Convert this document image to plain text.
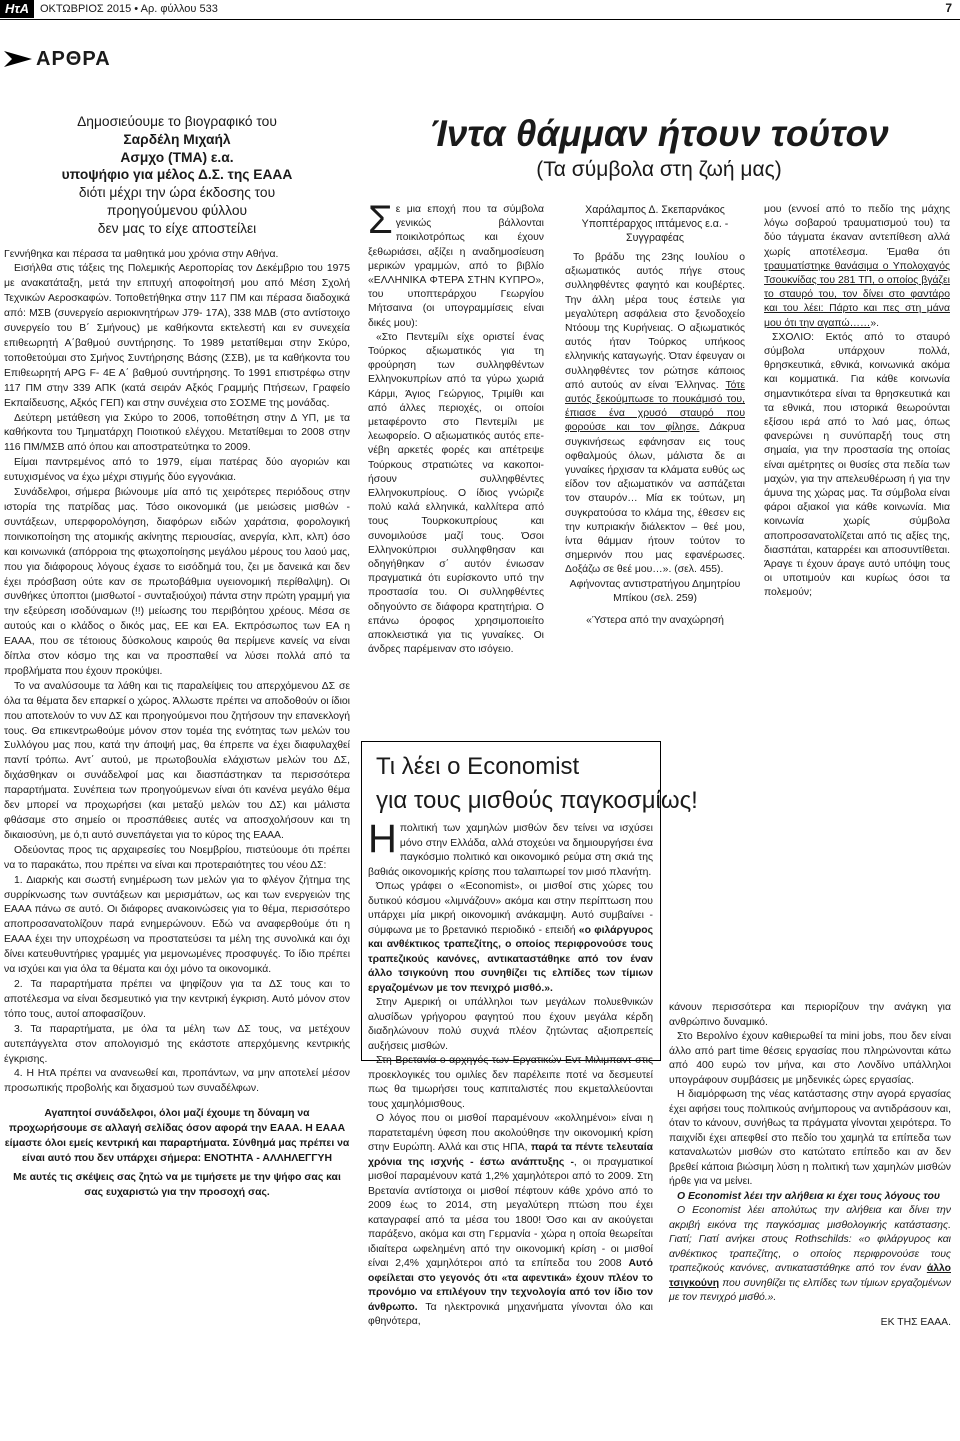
ΗτΑ ΟΚΤΩΒΡΙΟΣ 2015 • Αρ. φύλλου 533	7
ΑΡΘΡΑ
Δημοσιεύουμε το βιογραφικό του
Σαρδέλη Μιχαήλ
Ασμχο (ΤΜΑ) ε.α.
υποψήφιο για μέλος Δ.Σ. της ΕΑΑΑ
διότι μέχρι την ώρα έκδοσης του
προηγούμενου φύλλου
δεν μας το είχε αποστείλει

Γεννήθηκα και πέρασα τα μαθητικά μου χρόνια στην Αθήνα.

Εισήλθα στις τάξεις της Πολεμικής Αεροπορίας τον Δεκέμβριο του 1975 με ανακατάταξη, μετά την επιτυχή αποφοίτησή μου από Μέση Σχολή Τεχνικών Αεροσκαφών. Τοποθετήθηκα στην 117 ΠΜ και πέρασα διαδοχικά από: ΜΣΒ (συνεργείο αεριοκινητήρων J79- 17A), 338 ΜΔΒ (στο αντίστοιχο συνεργείο του Β΄ Σμήνους) με καθήκοντα εκτελεστή και εν συνεχεία επιθεωρητή Α΄βαθμού συντήρησης. Το 1989 μετατίθεμαι στην Σκύρο, τοποθετούμαι στο Σμήνος Συντήρησης Βάσης (ΣΣΒ), με τα καθήκοντα του Επιθεωρητή APG F- 4E A΄ βαθμού συντήρησης. Το 1991 επιστρέφω στην 117 ΠΜ στην 339 ΑΠΚ (κατά σειράν Αξκός Γραμμής Πτήσεων, Γραφείο Εκπαίδευσης, Αξκός ΓΕΠ) και στην συνέχεια στο ΣΟΣΜΕ της μονάδας.

Δεύτερη μετάθεση για Σκύρο το 2006, τοποθέτηση στην Δ ΥΠ, με τα καθήκοντα του Τμηματάρχη Ποιοτικού ελέγχου. Μετατίθεμαι το 2008 στην 116 ΠΜ/ΜΣΒ από όπου και αποστρατεύτηκα το 2009.

Είμαι παντρεμένος από το 1979, είμαι πατέρας δύο αγοριών και ευτυχισμένος να έχω μέχρι στιγμής δύο εγγονάκια.

Συνάδελφοι, σήμερα βιώνουμε μία από τις χειρότερες περιόδους στην ιστορία της πατρίδας μας. Τόσο οικονομικά (με μειώσεις μισθών - συντάξεων, υπερφορολόγηση, διαφόρων ειδών χαράτσια, φορολογική ποινικοποίηση της ατομικής ακίνητης περιουσίας, ανεργία, κλπ, κλπ) όσο και κοινωνικά (απόρροια της φτωχοποίησης μεγάλου μέρους του λαού μας, που για διάφορους λόγους έχασε το εισόδημά του, ζει με δανεικά και δεν έχει πρόσβαση ούτε καν σε πρωτοβάθμια υγειονομική περίθαλψη). Οι συνθήκες ύποπτοι (μισθωτοί - συνταξιούχοι) πάντα στην πρώτη γραμμή για την εξεύρεση ισοδύναμων (!!) μείωσης του περιβόητου χρέους. Μέσα σε αυτούς και ο κλάδος ο δικός μας, ΕΕ και ΕΑ. Εκπρόσωπος των ΕΑ η ΕΑΑΑ, που σε τέτοιους δύσκολους καιρούς θα περίμενε κανείς να είναι δίπλα στον κόσμο της και να προσπαθεί να λύσει πολλά από τα προβλήματα που έχουν προκύψει.

Το να αναλύσουμε τα λάθη και τις παραλείψεις του απερχόμενου ΔΣ σε όλα τα θέματα δεν επαρκεί ο χώρος. Άλλωστε πρέπει να αποδοθούν οι ίδιοι που αποτελούν το νυν ΔΣ και προηγούμενοι που ζητήσουν την επανεκλογή τους. Θα επικεντρωθούμε μόνον στον τομέα της ενότητας των μελών του Συλλόγου μας που, κατά την άποψή μας, θα έπρεπε να έχει διαφυλαχθεί παντί τρόπω. Αντ΄ αυτού, με πρωτοβουλία ελάχιστων μελών του ΔΣ, διχάσθηκαν οι συνάδελφοί μας και διασπάστηκαν τα περισσότερα παραρτήματα. Συνέπεια των προηγούμενων είναι ότι κανένα μεγάλο θέμα δεν μπορεί να προχωρήσει (και μεταξύ μελών του ΔΣ) και μάλιστα φθάσαμε στο σημείο οι προσπάθειες αυτές να αποσχολήσουν και τη δικαιοσύνη, με ό,τι αυτό συνεπάγεται για το κύρος της ΕΑΑΑ.

Οδεύοντας προς τις αρχαιρεσίες του Νοεμβρίου, πιστεύουμε ότι πρέπει να το παρακάτω, που πρέπει να είναι και προτεραιότητες του νέου ΔΣ:

1. Διαρκής και σωστή ενημέρωση των μελών για το φλέγον ζήτημα της συρρίκνωσης των συντάξεων και μερισμάτων, ως και των ενεργειών της ΕΑΑΑ πάνω σε αυτό. Οι διάφορες ανακοινώσεις για το θέμα, περισσότερο αποπροσανατολίζουν παρά ενημερώνουν. Εδώ να αναφερθούμε ότι η ΕΑΑΑ έχει την υποχρέωση να προστατεύσει τα μέλη της συνολικά και όχι δίνει κατευθυντήριες γραμμές για μεμονωμένες προσφυγές. Το ίδιο πρέπει να ισχύει και για όλα τα θέματα και όχι μόνο τα οικονομικά.

2. Τα παραρτήματα πρέπει να ψηφίζουν για τα ΔΣ τους και το αποτέλεσμα να είναι δεσμευτικό για την κεντρική έγκριση. Αυτό μόνον στον τόπο τους, αυτοί αποφασίζουν.

3. Τα παραρτήματα, με όλα τα μέλη των ΔΣ τους, να μετέχουν αυτεπάγγελτα στον απολογισμό της εκάστοτε απερχόμενης κεντρικής έγκρισης.

4. Η ΗτΑ πρέπει να ανανεωθεί και, προπάντων, να μην αποτελεί μέσον προσωπικής προβολής και διχασμού των συναδέλφων.

Αγαπητοί συνάδελφοι, όλοι μαζί έχουμε τη δύναμη να προχωρήσουμε σε αλλαγή σελίδας όσον αφορά την ΕΑΑΑ. Η ΕΑΑΑ είμαστε όλοι εμείς κεντρική και παραρτήματα. Σύνθημά μας πρέπει να είναι αυτό που δεν υπάρχει σήμερα: ΕΝΟΤΗΤΑ - ΑΛΛΗΛΕΓΓΥΗ

Με αυτές τις σκέψεις σας ζητώ να με τιμήσετε με την ψήφο σας και σας ευχαριστώ για την προσοχή σας.

Ίντα θάμμαν ήτουν τούτον
(Τα σύμβολα στη ζωή μας)

Σε μια εποχή που τα σύμβολα γενικώς βάλλονται ποικιλοτρόπως και έχουν ξεθωριάσει, αξίζει η αναδημοσίευση μερικών γραμμών, από το βιβλίο «ΕΛΛΗΝΙΚΑ ΦΤΕΡΑ ΣΤΗΝ ΚΥΠΡΟ», του υποπτεράρχου Γεωργίου Μήτσαινα (οι υπογραμμίσεις είναι δικές μου):

«Στο Πεντεμίλι είχε οριστεί ένας Τούρκος αξιωματικός για τη φρούρηση των συλληφθέντων Ελληνοκυπρίων από τα γύρω χωριά Κάρμι, Άγιος Γεώργιος, Τριμίθι και από άλλες περιοχές, οι οποίοι μεταφέροντο στο Πεντεμίλι με λεωφορείο. Ο αξιωματικός αυτός επε-νέβη αρκετές φορές και απέτρεψε Τούρκους στρατιώτες να κακοποι-ήσουν συλληφθέντες Ελληνοκυπρίους. Ο ίδιος γνώριζε πολύ καλά ελληνικά, καλλίτερα από τους Τουρκοκυπρίους και συνομιλούσε μαζί τους. Όσοι Ελληνοκύπριοι συλληφθησαν και οδηγήθηκαν σ΄ αυτόν ένιωσαν πραγματικά ότι ευρίσκοντο υπό την προστασία του. Οι συλληφθέντες οδηγούντο σε διάφορα κρατητήρια. Ο επάνω όροφος χρησιμοποιείτο αποκλειστικά για τις γυναίκες. Οι άνδρες παρέμειναν στο ισόγειο.

Χαράλαμπος Δ. Σκεπαρνάκος
Υποπτέραρχος ιπτάμενος ε.α. - Συγγραφέας

Το βράδυ της 23ης Ιουλίου ο αξιωματικός αυτός πήγε στους συλληφθέντες φαγητό και κουβέρτες. Την άλλη μέρα τους έστειλε για μεγαλύτερη ασφάλεια στο ξενοδοχείο Ντόουμ της Κυρήνειας. Ο αξιωματικός αυτός ήταν Τούρκος υπήκοος ελληνικής καταγωγής. Όταν έφευγαν οι συλληφθέντες τον ρώτησε κάποιος από αυτούς αν είναι Έλληνας. Τότε αυτός ξεκούμπωσε το πουκάμισό του, έπιασε ένα χρυσό σταυρό που φορούσε και τον φίλησε. Δάκρυα συγκινήσεως εφάνησαν εις τους οφθαλμούς όλων, μάλιστα δε αι γυναίκες ήρχισαν τα κλάματα ευθύς ως είδον τον αξιωματικόν να ασπάζεται τον σταυρόν… Μία εκ τούτων, μη συγκρατούσα το κλάμα της, έθεσεν εις την κυπριακήν διάλεκτον – θεέ μου, ίντα θάμμαν ήτουν τούτον το σημερινόν που μας εφανέρωσες. Δοξάζω σε θεέ μου…». (σελ. 455).

Αφήνοντας αντιστρατήγου Δημητρίου Μπίκου (σελ. 259)

«Ύστερα από την αναχώρησή

μου (εννοεί από το πεδίο της μάχης λόγω σοβαρού τραυματισμού του) τα δύο τάγματα έκαναν αντεπίθεση αλλά χωρίς αποτέλεσμα. Έμαθα ότι τραυματίστηκε θανάσιμα ο Υπολοχαγός Τσουκνίδας του 281 ΤΠ, ο οποίος βγάζει το σταυρό του, τον δίνει στο φαντάρο και του λέει: Πάρτο και πες στη μάνα μου ότι την αγαπώ……».

ΣΧΟΛΙΟ: Εκτός από το σταυρό σύμβολα υπάρχουν πολλά, θρησκευτικά, εθνικά, κοινωνικά ακόμα και κομματικά. Για κάθε κοινωνία σημαντικότερα είναι τα θρησκευτικά και τα εθνικά, που ιστορικά θεωρούνται εξίσου ιερά από το λαό μας, όπως φανερώνει η συνύπαρξή τους στη σημαία, για την προστασία της οποίας είναι αμέτρητες οι θυσίες στα πεδία των μαχών, για την απελευθέρωση ή για την άμυνα της χώρας μας. Τα σύμβολα είναι φάροι αξιακοί για κάθε κοινωνία. Μια κοινωνία χωρίς σύμβολα αποπροσανατολίζεται από τις αξίες της, διασπάται, καταρρέει και αποσυντίθεται. Άραγε τι έχουν άραγε αυτό υπόψη τους οι υποτιμούν και κυρίως όσοι τα πολεμούν;

Τι λέει ο Economist
για τους μισθούς παγκοσμίως!

Ηπολιτική των χαμηλών μισθών δεν τείνει να ισχύσει μόνο στην Ελλάδα, αλλά στοχεύει να δημιουργήσει ένα παγκόσμιο πολιτικό και οικονομικό ρεύμα στη σκιά της βαθιάς οικονομικής κρίσης που ταλαιπωρεί τον μισό πλανήτη.

Όπως γράφει ο «Economist», οι μισθοί στις χώρες του δυτικού κόσμου «λιμνάζουν» ακόμα και στην περίπτωση που υπάρχει μία μικρή οικονομική ανάκαμψη. Αυτό συμβαίνει - σύμφωνα με το βρετανικό περιοδικό - επειδή «ο φιλάργυρος και ανθέκτικος τραπεζίτης, ο οποίος περιφρονούσε τους τραπεζικούς κανόνες, αντικαταστάθηκε από τον έναν άλλο τσιγκούνη που συνηθίζει τις ελπίδες των τίμιων εργαζομένων με τον πενιχρό μισθό.».

Στην Αμερική οι υπάλληλοι των μεγάλων πολυεθνικών αλυσίδων γρήγορου φαγητού που έχουν μεγάλα κέρδη διαδηλώνουν πολύ συχνά πλέον ζητώντας αξιοπρεπείς αυξήσεις μισθών.

Στη Βρετανία ο αρχηγός των Εργατικών Εντ Μιλιμπαντ στις προεκλογικές του ομιλίες δεν παρέλειπε ποτέ να δεσμευτεί πως θα τιμωρήσει τους καπιταλιστές που εκμεταλλεύονται τους χαμηλόμισθους.

Ο λόγος που οι μισθοί παραμένουν «κολλημένοι» είναι η παρατεταμένη ύφεση που ακολούθησε την οικονομική κρίση στην Ευρώπη. Αλλά και στις ΗΠΑ, παρά τα πέντε τελευταία χρόνια της ισχνής - έστω ανάπτυξης -, οι πραγματικοί μισθοί παραμένουν κατά 1,2% χαμηλότεροι από το 2009. Στη Βρετανία αντίστοιχα οι μισθοί πέφτουν κάθε χρόνο από το 2009 έως το 2014, στη μεγαλύτερη πτώση που έχει καταγραφεί από τα μέσα του 1800! Όσο και αν ακούγεται παράξενο, ακόμα και στη Γερμανία - χώρα η οποία θεωρείται ιδιαίτερα ωφελημένη από την οικονομική κρίση - οι μισθοί είναι 2,4% χαμηλότεροι από τα επίπεδα του 2008 Αυτό οφείλεται στο γεγονός ότι «τα αφεντικά» έχουν πλέον το προνόμιο να επιλέγουν την τεχνολογία από τον ίδιο τον άνθρωπο. Τα ηλεκτρονικά μηχανήματα γίνονται όλο και φθηνότερα,

κάνουν περισσότερα και περιορίζουν την ανάγκη για ανθρώπινο δυναμικό.

Στο Βερολίνο έχουν καθιερωθεί τα mini jobs, που δεν είναι άλλο από part time θέσεις εργασίας που πληρώνονται κάτω από 400 ευρώ τον μήνα, και στο Λονδίνο υπάλληλοι υπογράφουν συμβάσεις με μηδενικές ώρες εργασίας.

Η διαμόρφωση της νέας κατάστασης στην αγορά εργασίας έχει αφήσει τους πολιτικούς ανήμπορους να αντιδράσουν και, όταν το κάνουν, συνήθως τα πράγματα γίνονται χειρότερα. Το παιχνίδι έχει απεφθεί στο πεδίο του χαμηλά τα επίπεδα των καταναλωτών μισθών στο κατώτατο επίπεδο και αν δεν βρεθεί κάποια βιώσιμη λύση η πολιτική των χαμηλών μισθών ήρθε για να μείνει.

Ο Economist λέει την αλήθεια κι έχει τους λόγους του

Ο Economist λέει απολύτως την αλήθεια και δίνει την ακριβή εικόνα της παγκόσμιας μισθολογικής κατάστασης. Γιατί; Γιατί ανήκει στους Rothschilds: «ο φιλάργυρος και ανθέκτικος τραπεζίτης, ο οποίος περιφρονούσε τους τραπεζικούς κανόνες, αντικαταστάθηκε από τον έναν άλλο τσιγκούνη που συνηθίζει τις ελπίδες των τίμιων εργαζομένων με τον πενιχρό μισθό.».

ΕΚ ΤΗΣ ΕΑΑΑ.
